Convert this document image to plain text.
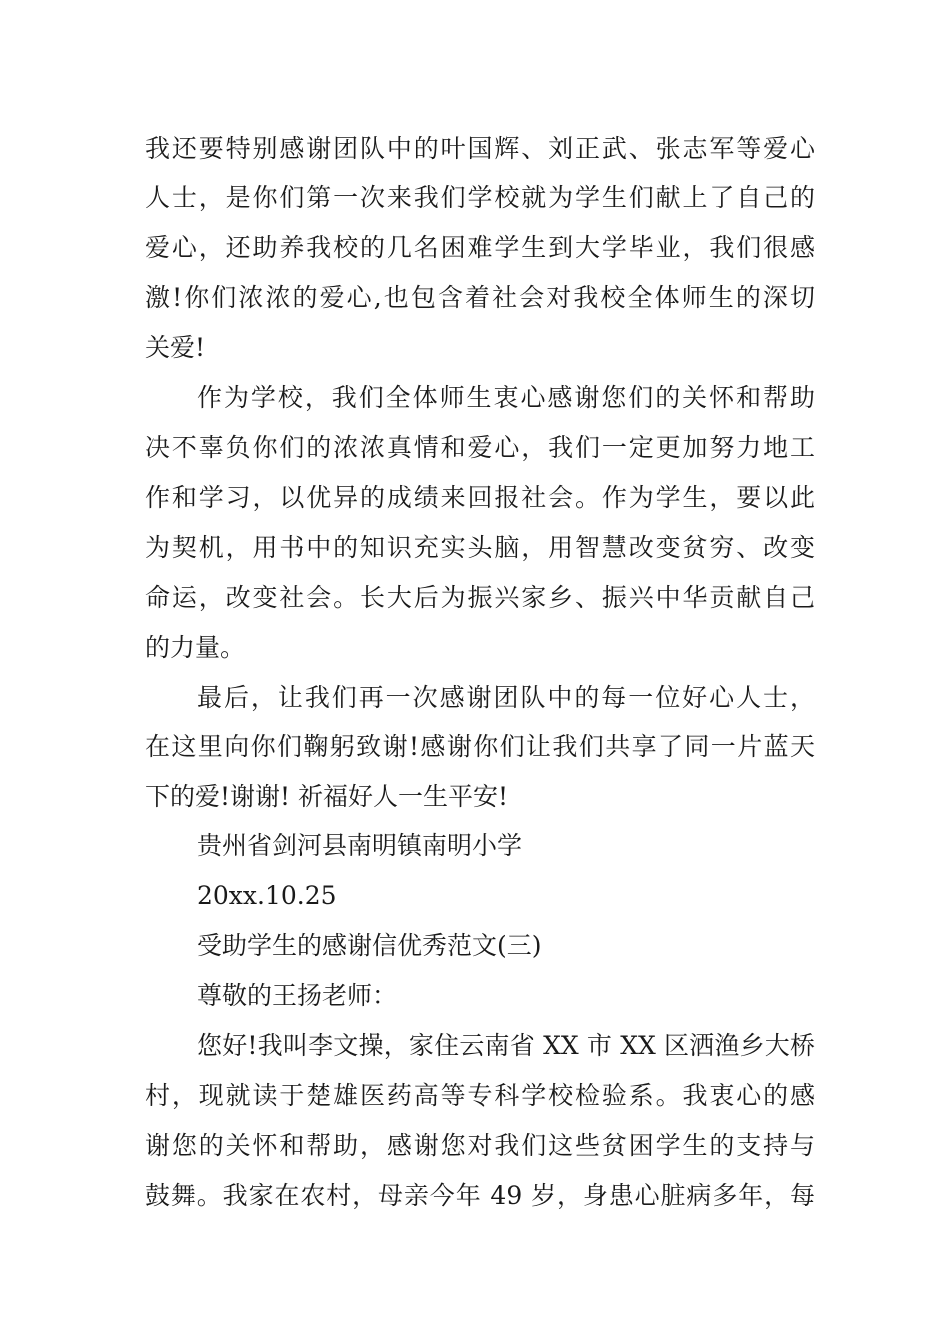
我还要特别感谢团队中的叶国辉、刘正武、张志军等爱心
人士，是你们第一次来我们学校就为学生们献上了自己的
爱心，还助养我校的几名困难学生到大学毕业，我们很感
激!你们浓浓的爱心,也包含着社会对我校全体师生的深切
关爱!
作为学校，我们全体师生衷心感谢您们的关怀和帮助
决不辜负你们的浓浓真情和爱心，我们一定更加努力地工
作和学习，以优异的成绩来回报社会。作为学生，要以此
为契机，用书中的知识充实头脑，用智慧改变贫穷、改变
命运，改变社会。长大后为振兴家乡、振兴中华贡献自己
的力量。
最后，让我们再一次感谢团队中的每一位好心人士，
在这里向你们鞠躬致谢!感谢你们让我们共享了同一片蓝天
下的爱!谢谢! 祈福好人一生平安!
贵州省剑河县南明镇南明小学
20xx.10.25
受助学生的感谢信优秀范文(三)
尊敬的王扬老师：
您好!我叫李文操，家住云南省 XX 市 XX 区洒渔乡大桥
村，现就读于楚雄医药高等专科学校检验系。我衷心的感
谢您的关怀和帮助，感谢您对我们这些贫困学生的支持与
鼓舞。我家在农村，母亲今年 49 岁，身患心脏病多年，每
